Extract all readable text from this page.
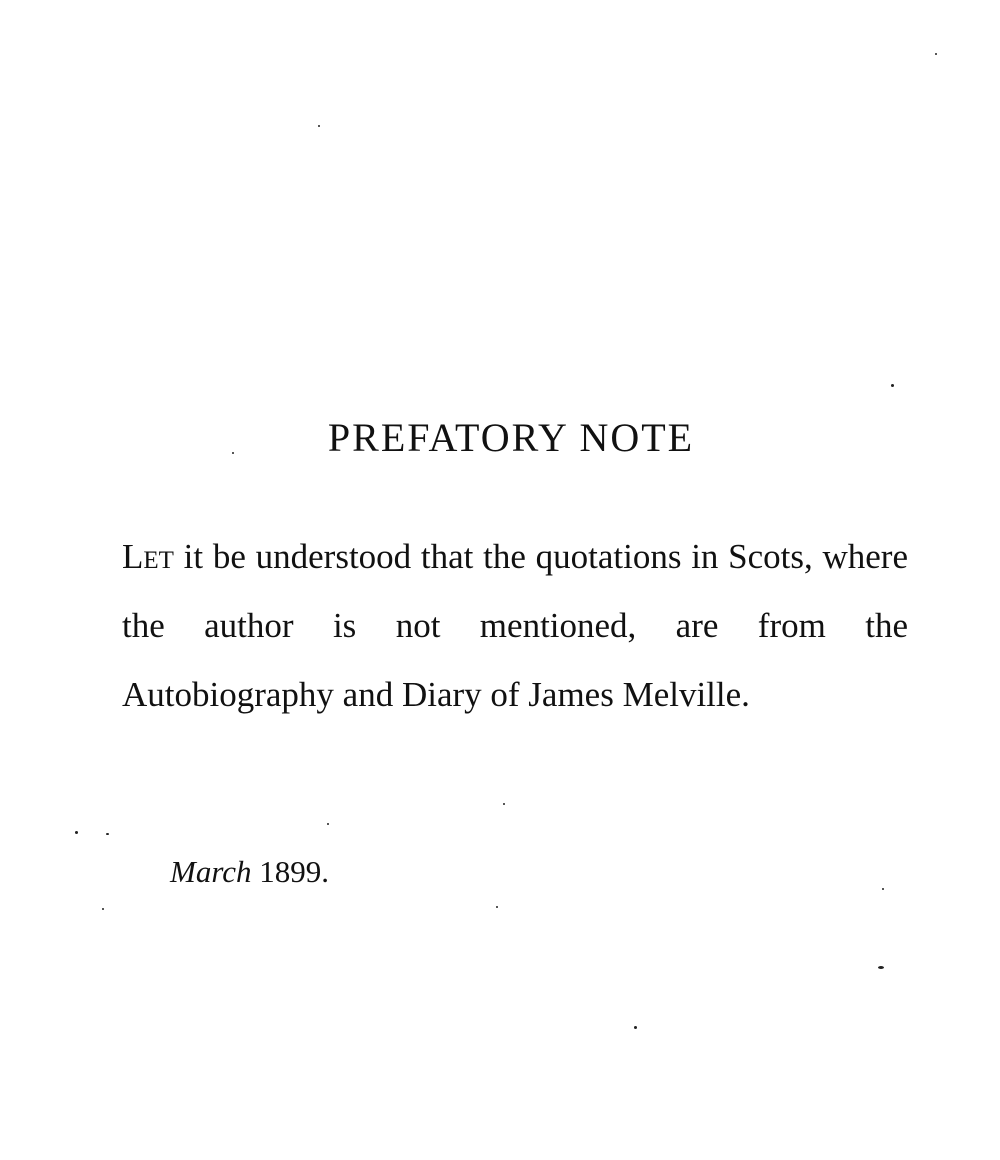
PREFATORY NOTE

Let it be understood that the quotations in Scots, where the author is not mentioned, are from the Autobiography and Diary of James Melville.

March 1899.
